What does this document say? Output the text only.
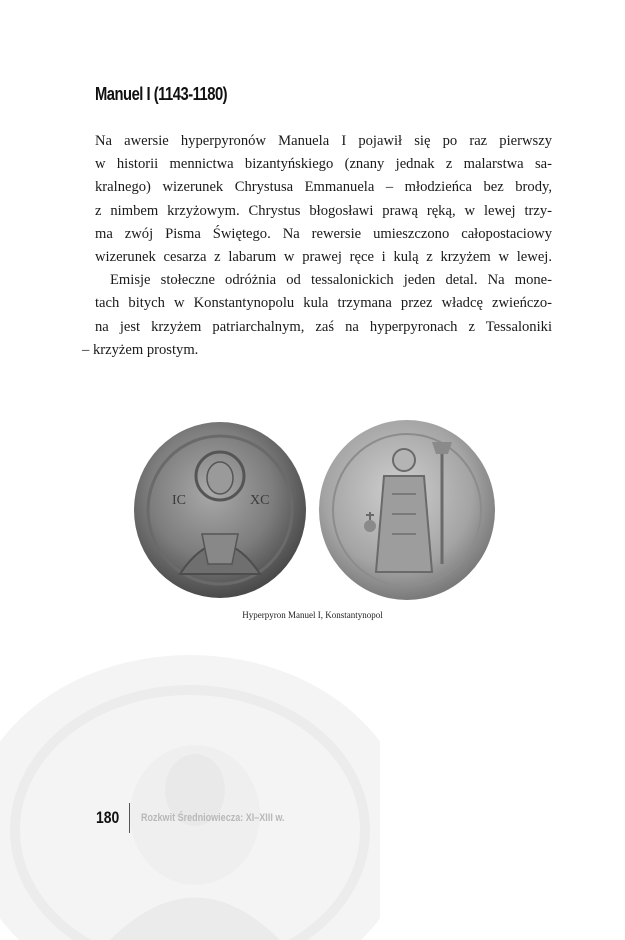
Manuel I (1143-1180)
Na awersie hyperpyronów Manuela I pojawił się po raz pierwszy
w historii mennictwa bizantyńskiego (znany jednak z malarstwa sa-
kralnego) wizerunek Chrystusa Emmanuela – młodzieńca bez brody,
z nimbem krzyżowym. Chrystus błogosławi prawą ręką, w lewej trzy-
ma zwój Pisma Świętego. Na rewersie umieszczono całopostaciowy
wizerunek cesarza z labarum w prawej ręce i kulą z krzyżem w lewej.
Emisje stołeczne odróżnia od tessalonickich jeden detal. Na mone-
tach bitych w Konstantynopolu kula trzymana przez władcę zwieńczo-
na jest krzyżem patriarchalnym, zaś na hyperpyronach z Tessaloniki
– krzyżem prostym.
IC	XC
Hyperpyron Manuel I, Konstantynopol
180 Rozkwit Średniowiecza: XI–XIII w.
